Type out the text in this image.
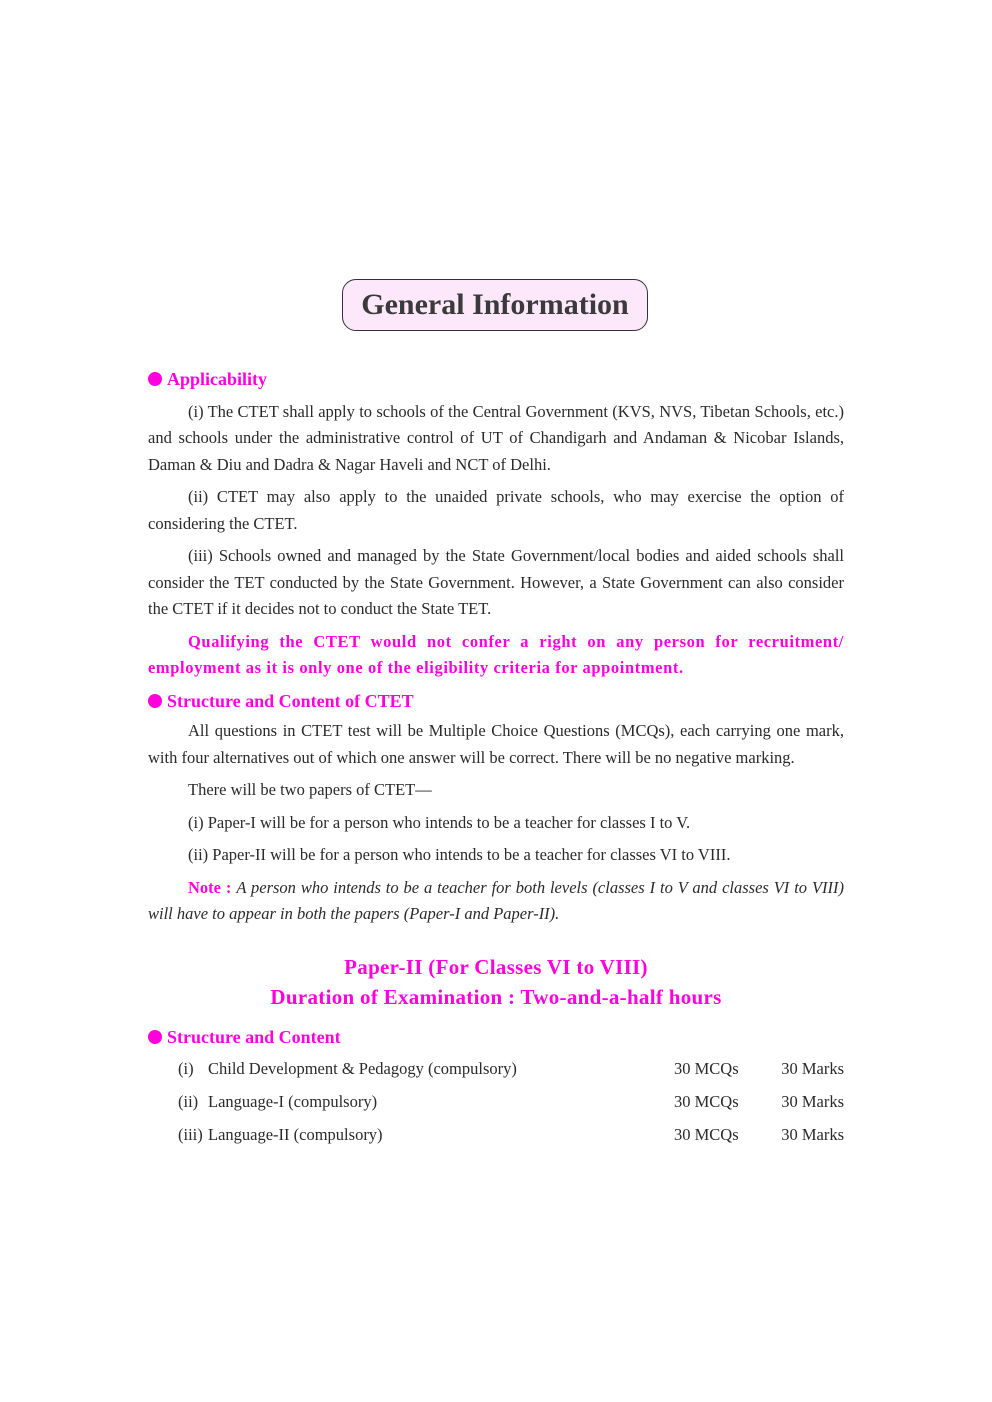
General Information
Applicability

(i) The CTET shall apply to schools of the Central Government (KVS, NVS, Tibetan Schools, etc.) and schools under the administrative control of UT of Chandigarh and Andaman & Nicobar Islands, Daman & Diu and Dadra & Nagar Haveli and NCT of Delhi.

(ii) CTET may also apply to the unaided private schools, who may exercise the option of considering the CTET.

(iii) Schools owned and managed by the State Government/local bodies and aided schools shall consider the TET conducted by the State Government. However, a State Government can also consider the CTET if it decides not to conduct the State TET.

Qualifying the CTET would not confer a right on any person for recruitment/ employment as it is only one of the eligibility criteria for appointment.

Structure and Content of CTET

All questions in CTET test will be Multiple Choice Questions (MCQs), each carrying one mark, with four alternatives out of which one answer will be correct. There will be no negative marking.

There will be two papers of CTET—

(i) Paper-I will be for a person who intends to be a teacher for classes I to V.

(ii) Paper-II will be for a person who intends to be a teacher for classes VI to VIII.

Note : A person who intends to be a teacher for both levels (classes I to V and classes VI to VIII) will have to appear in both the papers (Paper-I and Paper-II).

Paper-II (For Classes VI to VIII)
Duration of Examination : Two-and-a-half hours
Structure and Content
(i) Child Development & Pedagogy (compulsory)	30 MCQs	30 Marks
(ii) Language-I (compulsory)	30 MCQs	30 Marks
(iii) Language-II (compulsory)	30 MCQs	30 Marks
